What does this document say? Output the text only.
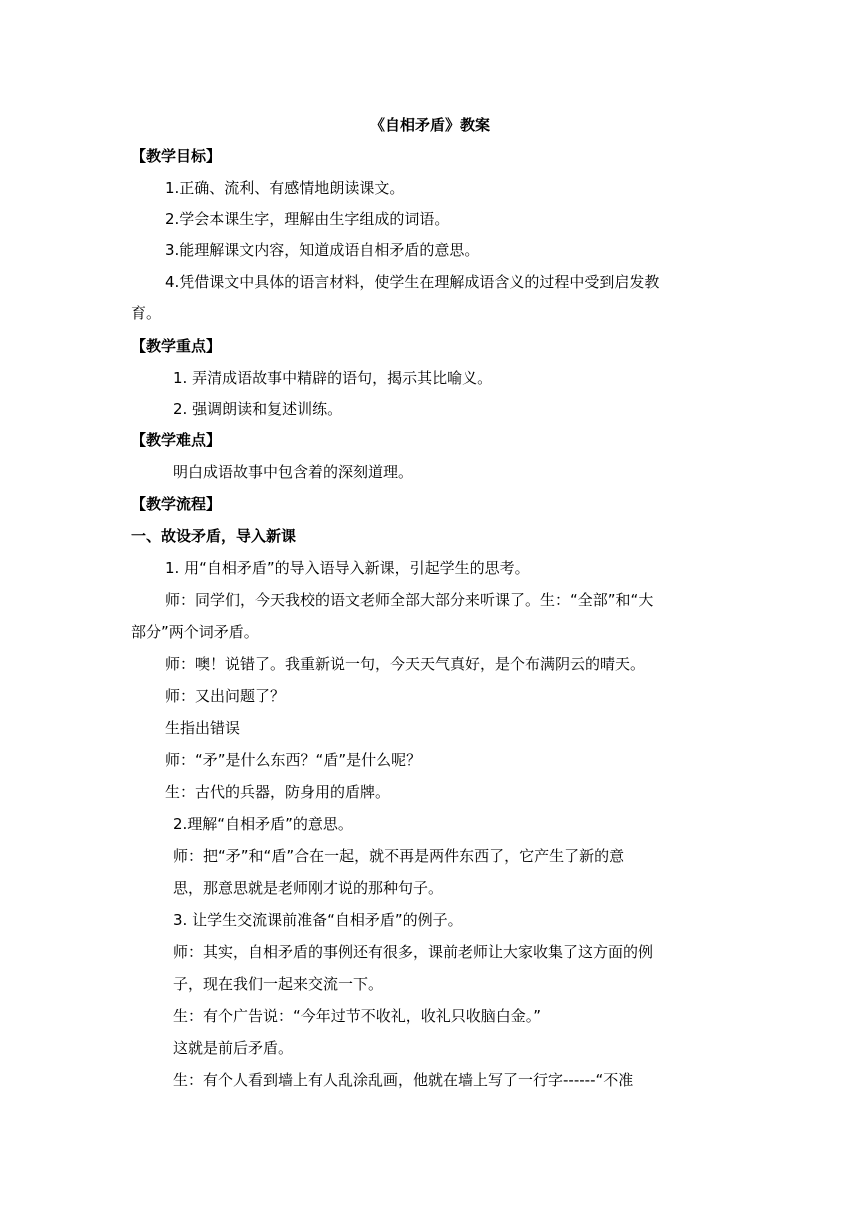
《自相矛盾》教案
【教学目标】
1.正确、流利、有感情地朗读课文。
2.学会本课生字，理解由生字组成的词语。
3.能理解课文内容，知道成语自相矛盾的意思。
4.凭借课文中具体的语言材料，使学生在理解成语含义的过程中受到启发教
育。
【教学重点】
1. 弄清成语故事中精辟的语句，揭示其比喻义。
2. 强调朗读和复述训练。
【教学难点】
明白成语故事中包含着的深刻道理。
【教学流程】
一、故设矛盾，导入新课
1. 用“自相矛盾”的导入语导入新课，引起学生的思考。
师：同学们，今天我校的语文老师全部大部分来听课了。生：“全部”和“大
部分”两个词矛盾。
师：噢！说错了。我重新说一句，今天天气真好，是个布满阴云的晴天。
师：又出问题了？
生指出错误
师：“矛”是什么东西？“盾”是什么呢？
生：古代的兵器，防身用的盾牌。
2.理解“自相矛盾”的意思。
师：把“矛”和“盾”合在一起，就不再是两件东西了，它产生了新的意
思，那意思就是老师刚才说的那种句子。
3. 让学生交流课前准备“自相矛盾”的例子。
师：其实，自相矛盾的事例还有很多，课前老师让大家收集了这方面的例
子，现在我们一起来交流一下。
生：有个广告说：“今年过节不收礼，收礼只收脑白金。”
这就是前后矛盾。
生：有个人看到墙上有人乱涂乱画，他就在墙上写了一行字------“不准
